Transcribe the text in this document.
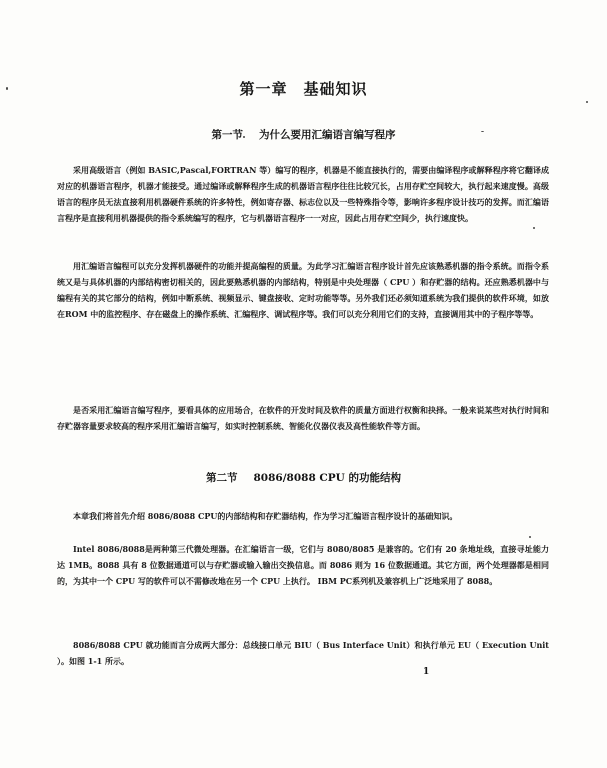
第一章　基础知识
第一节 为什么要用汇编语言编写程序

采用高级语言（例如 BASIC,Pascal,FORTRAN 等）编写的程序，机器是不能直接执行的，需要由编译程序或解释程序将它翻译成对应的机器语言程序，机器才能接受。通过编译或解释程序生成的机器语言程序往往比较冗长，占用存贮空间较大，执行起来速度慢。高级语言的程序员无法直接利用机器硬件系统的许多特性，例如寄存器、标志位以及一些特殊指令等，影响许多程序设计技巧的发挥。而汇编语言程序是直接利用机器提供的指令系统编写的程序，它与机器语言程序一一对应，因此占用存贮空间少，执行速度快。

用汇编语言编程可以充分发挥机器硬件的功能并提高编程的质量。为此学习汇编语言程序设计首先应该熟悉机器的指令系统。而指令系统又是与具体机器的内部结构密切相关的，因此要熟悉机器的内部结构，特别是中央处理器（ CPU ）和存贮器的结构。还应熟悉机器中与编程有关的其它部分的结构，例如中断系统、视频显示、键盘接收、定时功能等等。另外我们还必须知道系统为我们提供的软件环境，如放在ROM 中的监控程序、存在磁盘上的操作系统、汇编程序、调试程序等。我们可以充分利用它们的支持，直接调用其中的子程序等等。

是否采用汇编语言编写程序，要看具体的应用场合，在软件的开发时间及软件的质量方面进行权衡和抉择。一般来说某些对执行时间和存贮器容量要求较高的程序采用汇编语言编写，如实时控制系统、智能化仪器仪表及高性能软件等方面。

第二节 8086/8088 CPU 的功能结构

本章我们将首先介绍 8086/8088 CPU的内部结构和存贮器结构，作为学习汇编语言程序设计的基础知识。

Intel 8086/8088是两种第三代微处理器。在汇编语言一级，它们与 8080/8085 是兼容的。它们有 20 条地址线，直接寻址能力达 1MB。8088 具有 8 位数据通道可以与存贮器或输入输出交换信息。而 8086 则为 16 位数据通道。其它方面，两个处理器都是相同的，为其中一个 CPU 写的软件可以不需修改地在另一个 CPU 上执行。 IBM PC系列机及兼容机上广泛地采用了 8088。

8086/8088 CPU 就功能而言分成两大部分：总线接口单元 BIU（ Bus Interface Unit）和执行单元 EU（ Execution Unit ）。如图 1-1 所示。

1
